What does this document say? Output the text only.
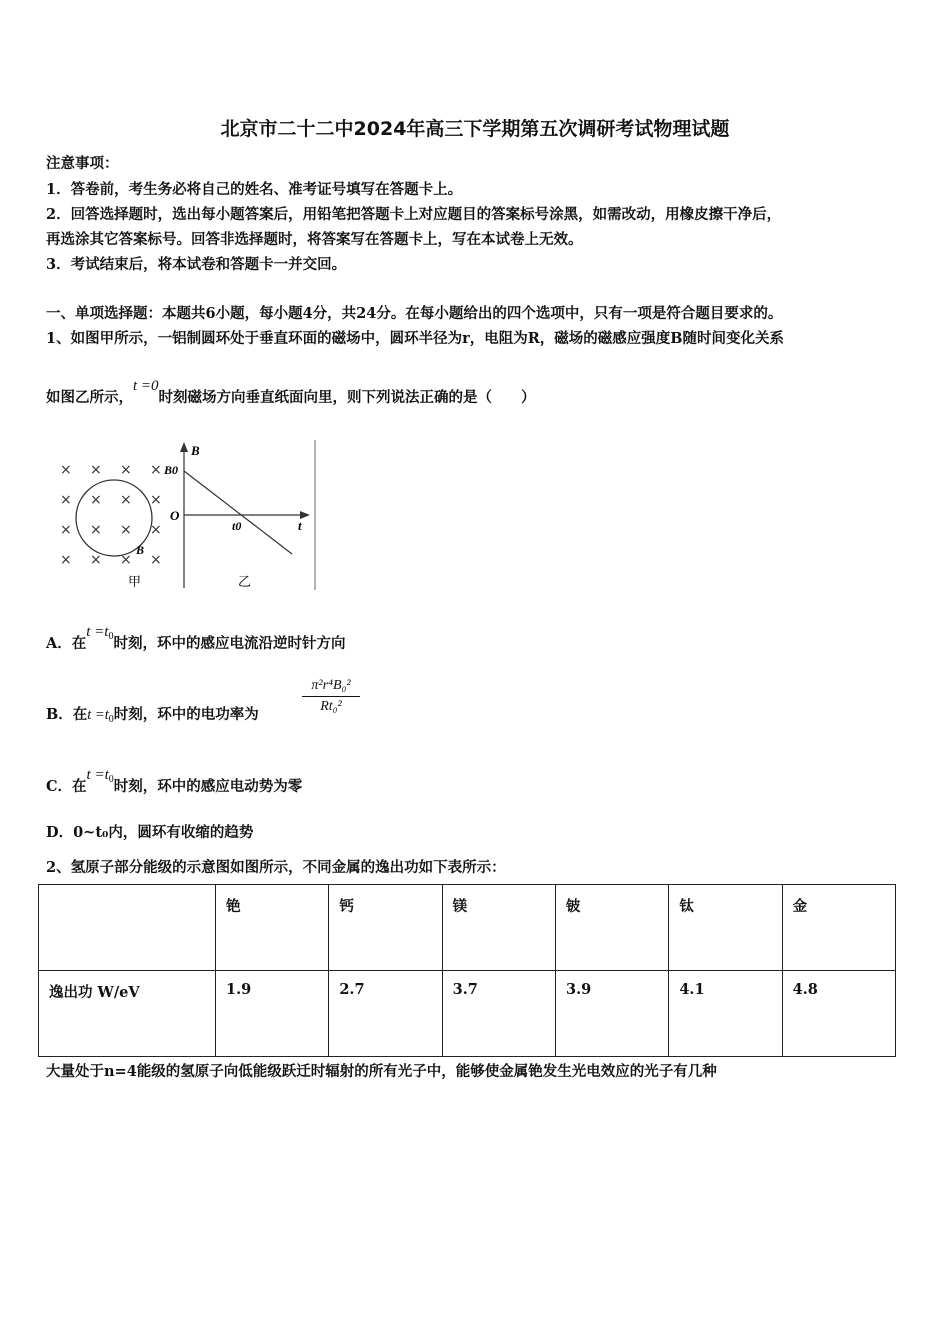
北京市二十二中2024年高三下学期第五次调研考试物理试题
注意事项：
1．答卷前，考生务必将自己的姓名、准考证号填写在答题卡上。
2．回答选择题时，选出每小题答案后，用铅笔把答题卡上对应题目的答案标号涂黑，如需改动，用橡皮擦干净后，
再选涂其它答案标号。回答非选择题时，将答案写在答题卡上，写在本试卷上无效。
3．考试结束后，将本试卷和答题卡一并交回。
一、单项选择题：本题共6小题，每小题4分，共24分。在每小题给出的四个选项中，只有一项是符合题目要求的。
1、如图甲所示，一铝制圆环处于垂直环面的磁场中，圆环半径为r，电阻为R，磁场的磁感应强度B随时间变化关系
如图乙所示，t =0时刻磁场方向垂直纸面向里，则下列说法正确的是（　　）
× × × ×
× × × ×
× × × ×
× × × ×
B
甲
B
B0
O
t0	t
乙
A．在$t =t_0$时刻，环中的感应电流沿逆时针方向
B．在$t =t_0$时刻，环中的电功率为	$\frac{\text{π²r⁴B₀²}}{\text{Rt₀²}}$
C．在$t =t_0$时刻，环中的感应电动势为零
D．0~t₀内，圆环有收缩的趋势
2、氢原子部分能级的示意图如图所示，不同金属的逸出功如下表所示：
	铯	钙	镁	铍	钛	金
逸出功 W/eV	1.9	2.7	3.7	3.9	4.1	4.8
大量处于n=4能级的氢原子向低能级跃迁时辐射的所有光子中，能够使金属铯发生光电效应的光子有几种
